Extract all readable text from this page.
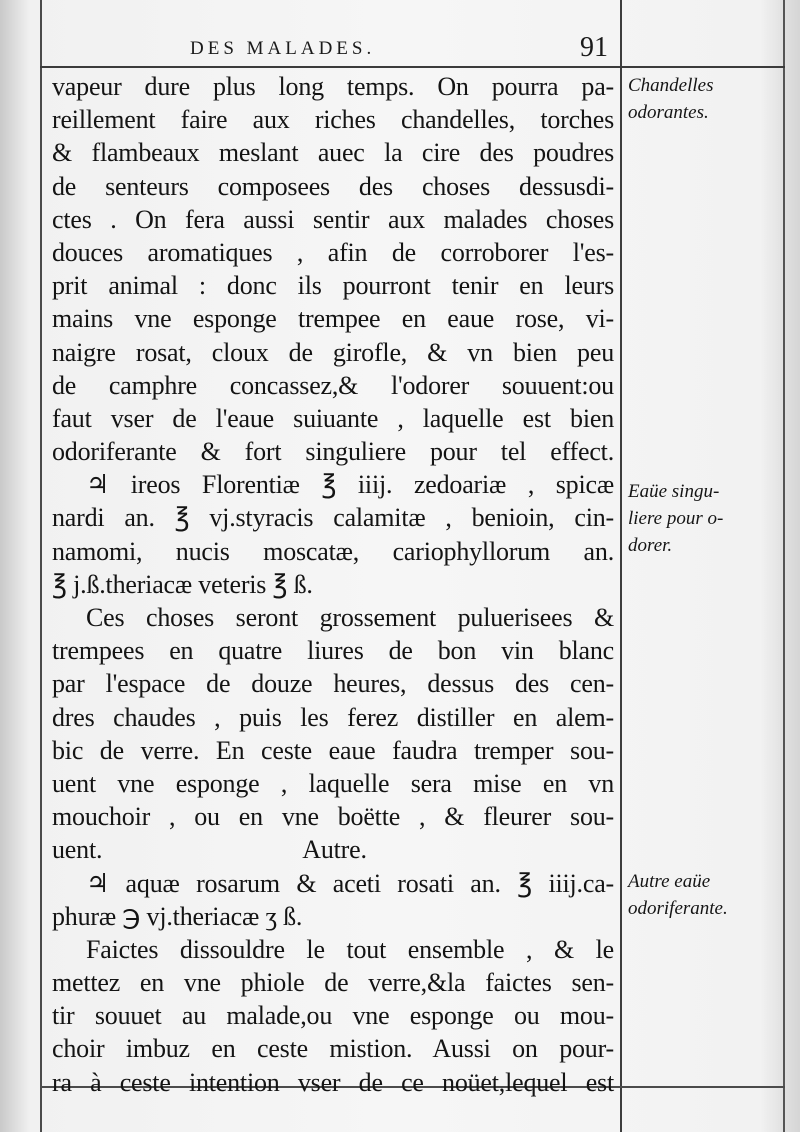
DES MALADES.	91
vapeur dure plus long temps. On pourra pa-
reillement faire aux riches chandelles, torches
& flambeaux meslant auec la cire des poudres
de senteurs composees des choses dessusdi-
ctes . On fera aussi sentir aux malades choses
douces aromatiques , afin de corroborer l'es-
prit animal : donc ils pourront tenir en leurs
mains vne esponge trempee en eaue rose, vi-
naigre rosat, cloux de girofle, & vn bien peu
de camphre concassez,& l'odorer souuent:ou
faut vser de l'eaue suiuante , laquelle est bien
odoriferante & fort singuliere pour tel effect.
♃ ireos Florentiæ ℥ iiij. zedoariæ , spicæ
nardi an. ℥ vj.styracis calamitæ , benioin, cin-
namomi, nucis moscatæ, cariophyllorum an.
℥ j.ß.theriacæ veteris ℥ ß.
Ces choses seront grossement puluerisees &
trempees en quatre liures de bon vin blanc
par l'espace de douze heures, dessus des cen-
dres chaudes , puis les ferez distiller en alem-
bic de verre. En ceste eaue faudra tremper sou-
uent vne esponge , laquelle sera mise en vn
mouchoir , ou en vne boëtte , & fleurer sou-
uent.	Autre.
♃ aquæ rosarum & aceti rosati an. ℥ iiij.ca-
phuræ ℈ vj.theriacæ ʒ ß.
Faictes dissouldre le tout ensemble , & le
mettez en vne phiole de verre,&la faictes sen-
tir souuet au malade,ou vne esponge ou mou-
choir imbuz en ceste mistion. Aussi on pour-
ra à ceste intention vser de ce noüet,lequel est
Chandelles
odorantes.
Eaüe singu-
liere pour o-
dorer.
Autre eaüe
odoriferante.
